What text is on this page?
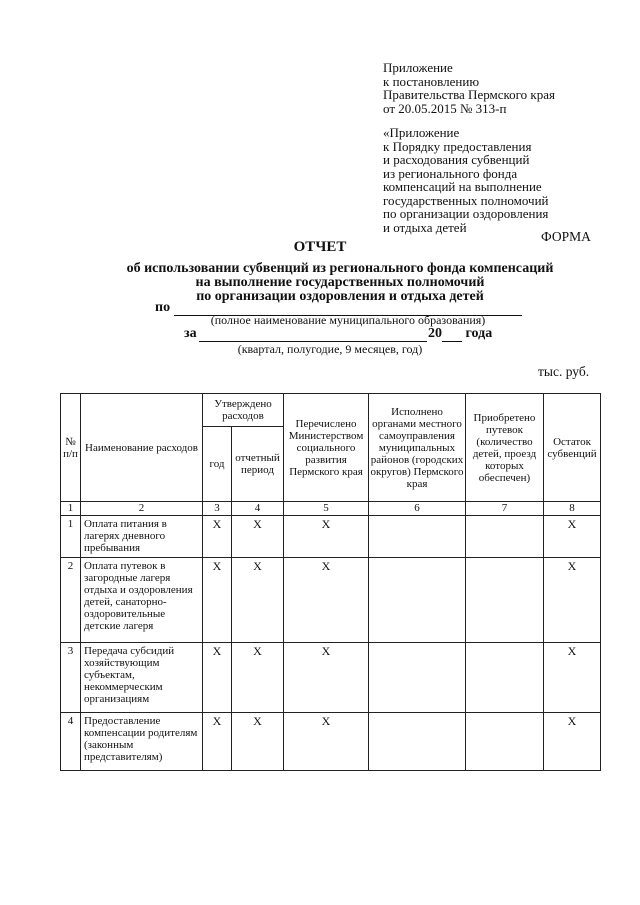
Приложение
к постановлению
Правительства Пермского края
от 20.05.2015 № 313-п
«Приложение
к Порядку предоставления
и расходования субвенций
из регионального фонда
компенсаций на выполнение
государственных полномочий
по организации оздоровления
и отдыха детей
ФОРМА
ОТЧЕТ
об использовании субвенций из регионального фонда компенсаций
на выполнение государственных полномочий
по организации оздоровления и отдыха детей
по
(полное наименование муниципального образования)
за	20 года
(квартал, полугодие, 9 месяцев, год)
тыс. руб.
№ п/п	Наименование расходов	Утверждено расходов		Перечислено Министерством социального развития Пермского края	Исполнено органами местного самоуправления муниципальных районов (городских округов) Пермского края	Приобретено путевок (количество детей, проезд которых обеспечен)	Остаток субвенций
		год	отчетный период				
1	2	3	4	5	6	7	8
1	Оплата питания в лагерях дневного пребывания	Х	Х	Х			Х
2	Оплата путевок в загородные лагеря отдыха и оздоровления детей, санаторно-оздоровительные детские лагеря	Х	Х	Х			Х
3	Передача субсидий хозяйствующим субъектам, некоммерческим организациям	Х	Х	Х			Х
4	Предоставление компенсации родителям (законным представителям)	Х	Х	Х			Х
